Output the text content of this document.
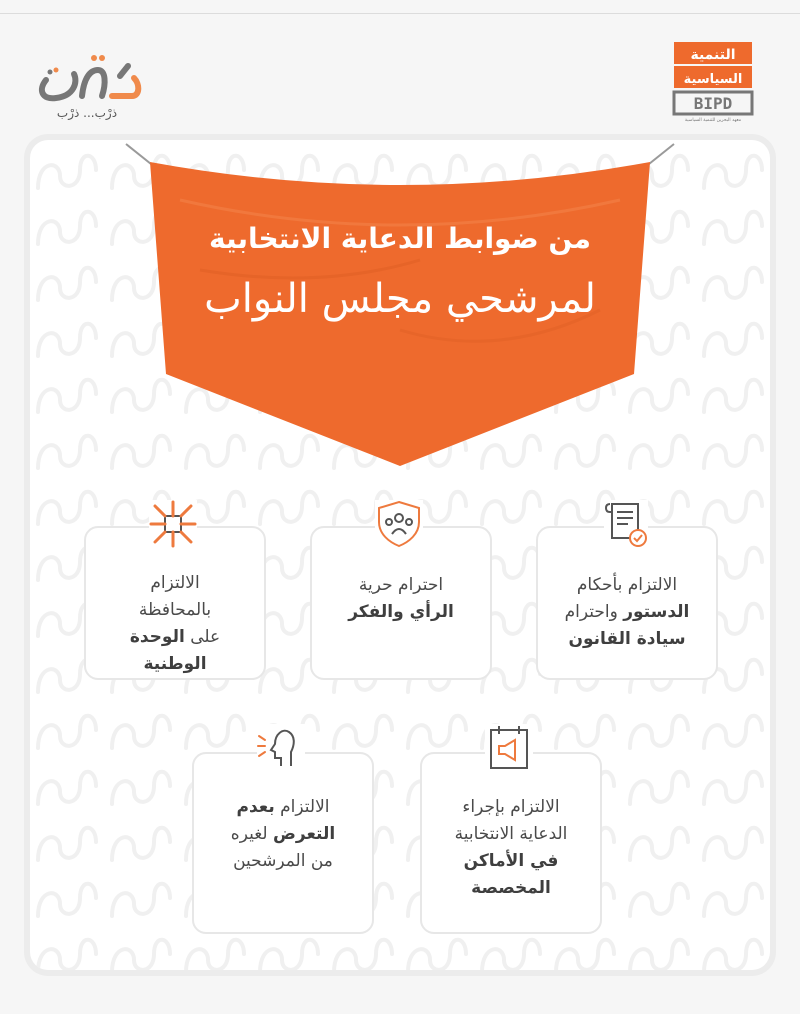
ذرْب... ذرْب
التنمية
السياسية
BIPD
معهد البحرين للتنمية السياسية
من ضوابط الدعاية الانتخابية
لمرشحي مجلس النواب
الالتزام بأحكام
الدستور واحترام
سيادة القانون
احترام حرية
الرأي والفكر
الالتزام
بالمحافظة
على الوحدة
الوطنية
الالتزام بإجراء
الدعاية الانتخابية
في الأماكن
المخصصة
الالتزام بعدم
التعرض لغيره
من المرشحين
